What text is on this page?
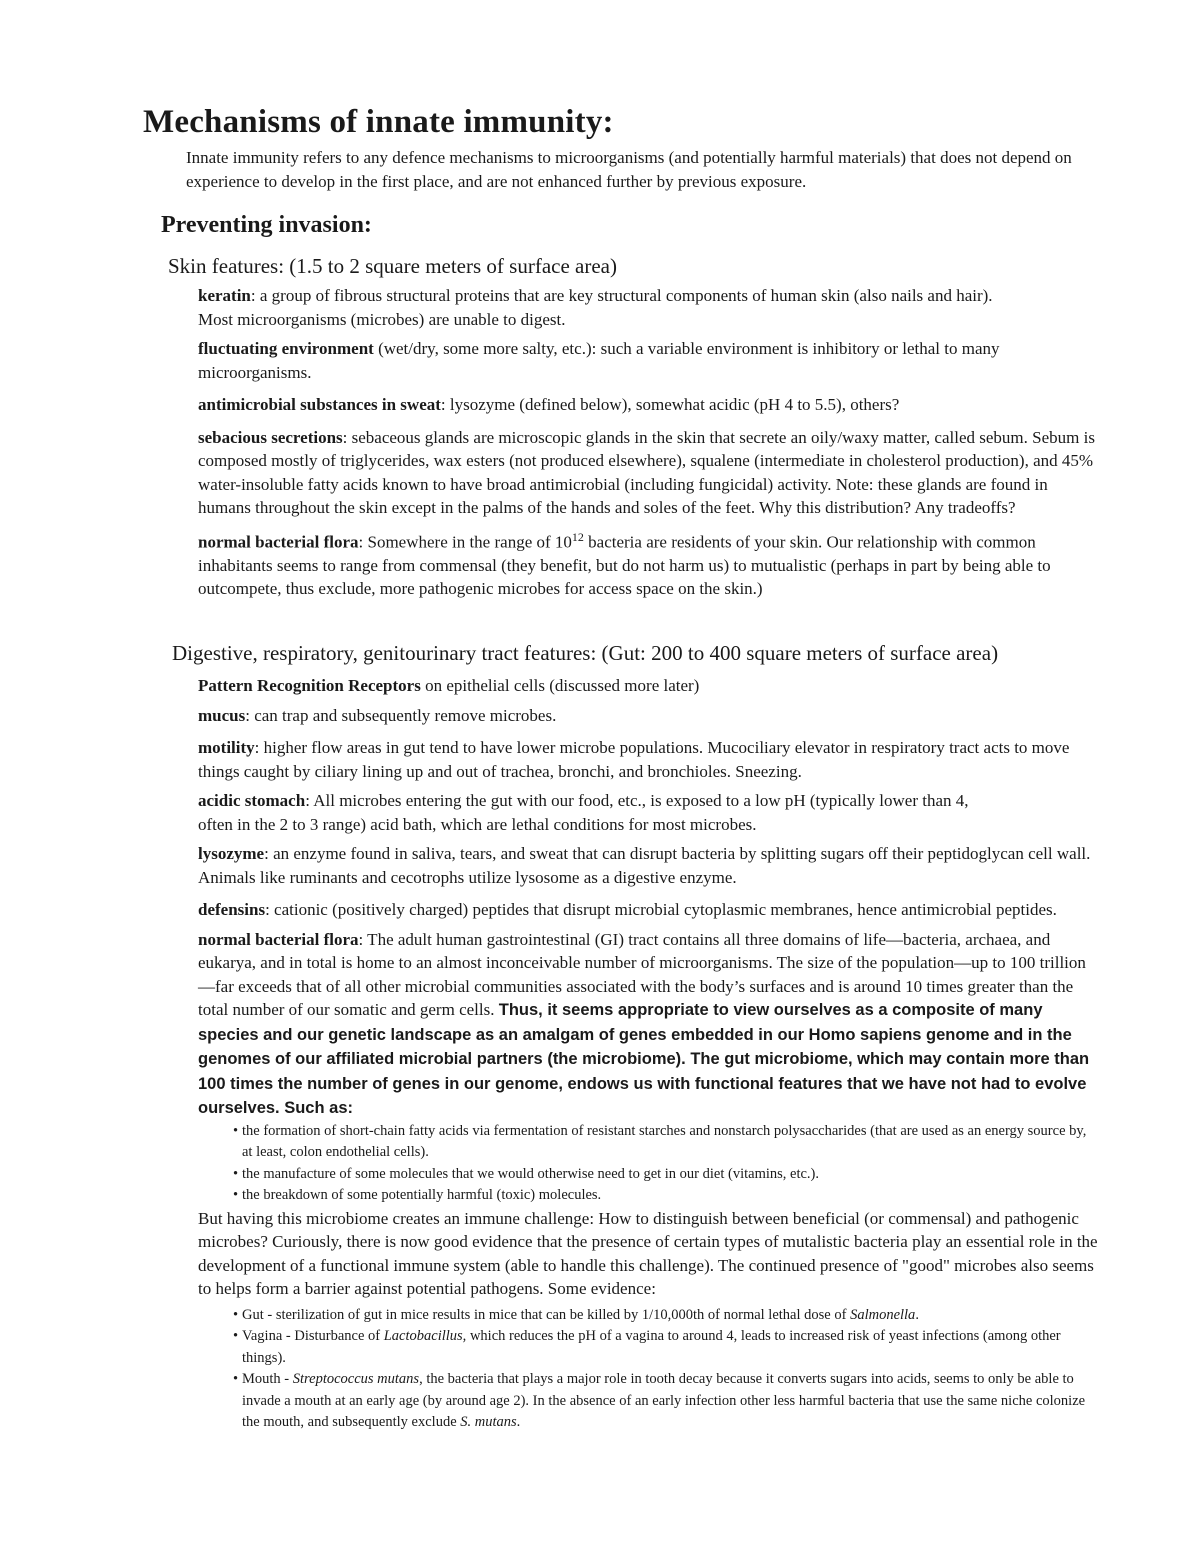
Mechanisms of innate immunity:

Innate immunity refers to any defence mechanisms to microorganisms (and potentially harmful materials) that does not depend on experience to develop in the first place, and are not enhanced further by previous exposure.

Preventing invasion:

Skin features: (1.5 to 2 square meters of surface area)

keratin: a group of fibrous structural proteins that are key structural components of human skin (also nails and hair). Most microorganisms (microbes) are unable to digest.

fluctuating environment (wet/dry, some more salty, etc.): such a variable environment is inhibitory or lethal to many microorganisms.

antimicrobial substances in sweat: lysozyme (defined below), somewhat acidic (pH 4 to 5.5), others?

sebacious secretions: sebaceous glands are microscopic glands in the skin that secrete an oily/waxy matter, called sebum. Sebum is composed mostly of triglycerides, wax esters (not produced elsewhere), squalene (intermediate in cholesterol production), and 45% water-insoluble fatty acids known to have broad antimicrobial (including fungicidal) activity. Note: these glands are found in humans throughout the skin except in the palms of the hands and soles of the feet. Why this distribution? Any tradeoffs?

normal bacterial flora: Somewhere in the range of $10^{12}$ bacteria are residents of your skin. Our relationship with common inhabitants seems to range from commensal (they benefit, but do not harm us) to mutualistic (perhaps in part by being able to outcompete, thus exclude, more pathogenic microbes for access space on the skin.)

Digestive, respiratory, genitourinary tract features: (Gut: 200 to 400 square meters of surface area)

Pattern Recognition Receptors on epithelial cells (discussed more later)

mucus: can trap and subsequently remove microbes.

motility: higher flow areas in gut tend to have lower microbe populations. Mucociliary elevator in respiratory tract acts to move things caught by ciliary lining up and out of trachea, bronchi, and bronchioles. Sneezing.

acidic stomach: All microbes entering the gut with our food, etc., is exposed to a low pH (typically lower than 4, often in the 2 to 3 range) acid bath, which are lethal conditions for most microbes.

lysozyme: an enzyme found in saliva, tears, and sweat that can disrupt bacteria by splitting sugars off their peptidoglycan cell wall. Animals like ruminants and cecotrophs utilize lysosome as a digestive enzyme.

defensins: cationic (positively charged) peptides that disrupt microbial cytoplasmic membranes, hence antimicrobial peptides.

normal bacterial flora: The adult human gastrointestinal (GI) tract contains all three domains of life—bacteria, archaea, and eukarya, and in total is home to an almost inconceivable number of microorganisms. The size of the population—up to 100 trillion—far exceeds that of all other microbial communities associated with the body’s surfaces and is around 10 times greater than the total number of our somatic and germ cells. Thus, it seems appropriate to view ourselves as a composite of many species and our genetic landscape as an amalgam of genes embedded in our Homo sapiens genome and in the genomes of our affiliated microbial partners (the microbiome). The gut microbiome, which may contain more than 100 times the number of genes in our genome, endows us with functional features that we have not had to evolve ourselves. Such as:

• the formation of short-chain fatty acids via fermentation of resistant starches and nonstarch polysaccharides (that are used as an energy source by, at least, colon endothelial cells).
• the manufacture of some molecules that we would otherwise need to get in our diet (vitamins, etc.).
• the breakdown of some potentially harmful (toxic) molecules.

But having this microbiome creates an immune challenge: How to distinguish between beneficial (or commensal) and pathogenic microbes? Curiously, there is now good evidence that the presence of certain types of mutalistic bacteria play an essential role in the development of a functional immune system (able to handle this challenge). The continued presence of "good" microbes also seems to helps form a barrier against potential pathogens. Some evidence:

• Gut - sterilization of gut in mice results in mice that can be killed by 1/10,000th of normal lethal dose of Salmonella.
• Vagina - Disturbance of Lactobacillus, which reduces the pH of a vagina to around 4, leads to increased risk of yeast infections (among other things).
• Mouth - Streptococcus mutans, the bacteria that plays a major role in tooth decay because it converts sugars into acids, seems to only be able to invade a mouth at an early age (by around age 2). In the absence of an early infection other less harmful bacteria that use the same niche colonize the mouth, and subsequently exclude S. mutans.
